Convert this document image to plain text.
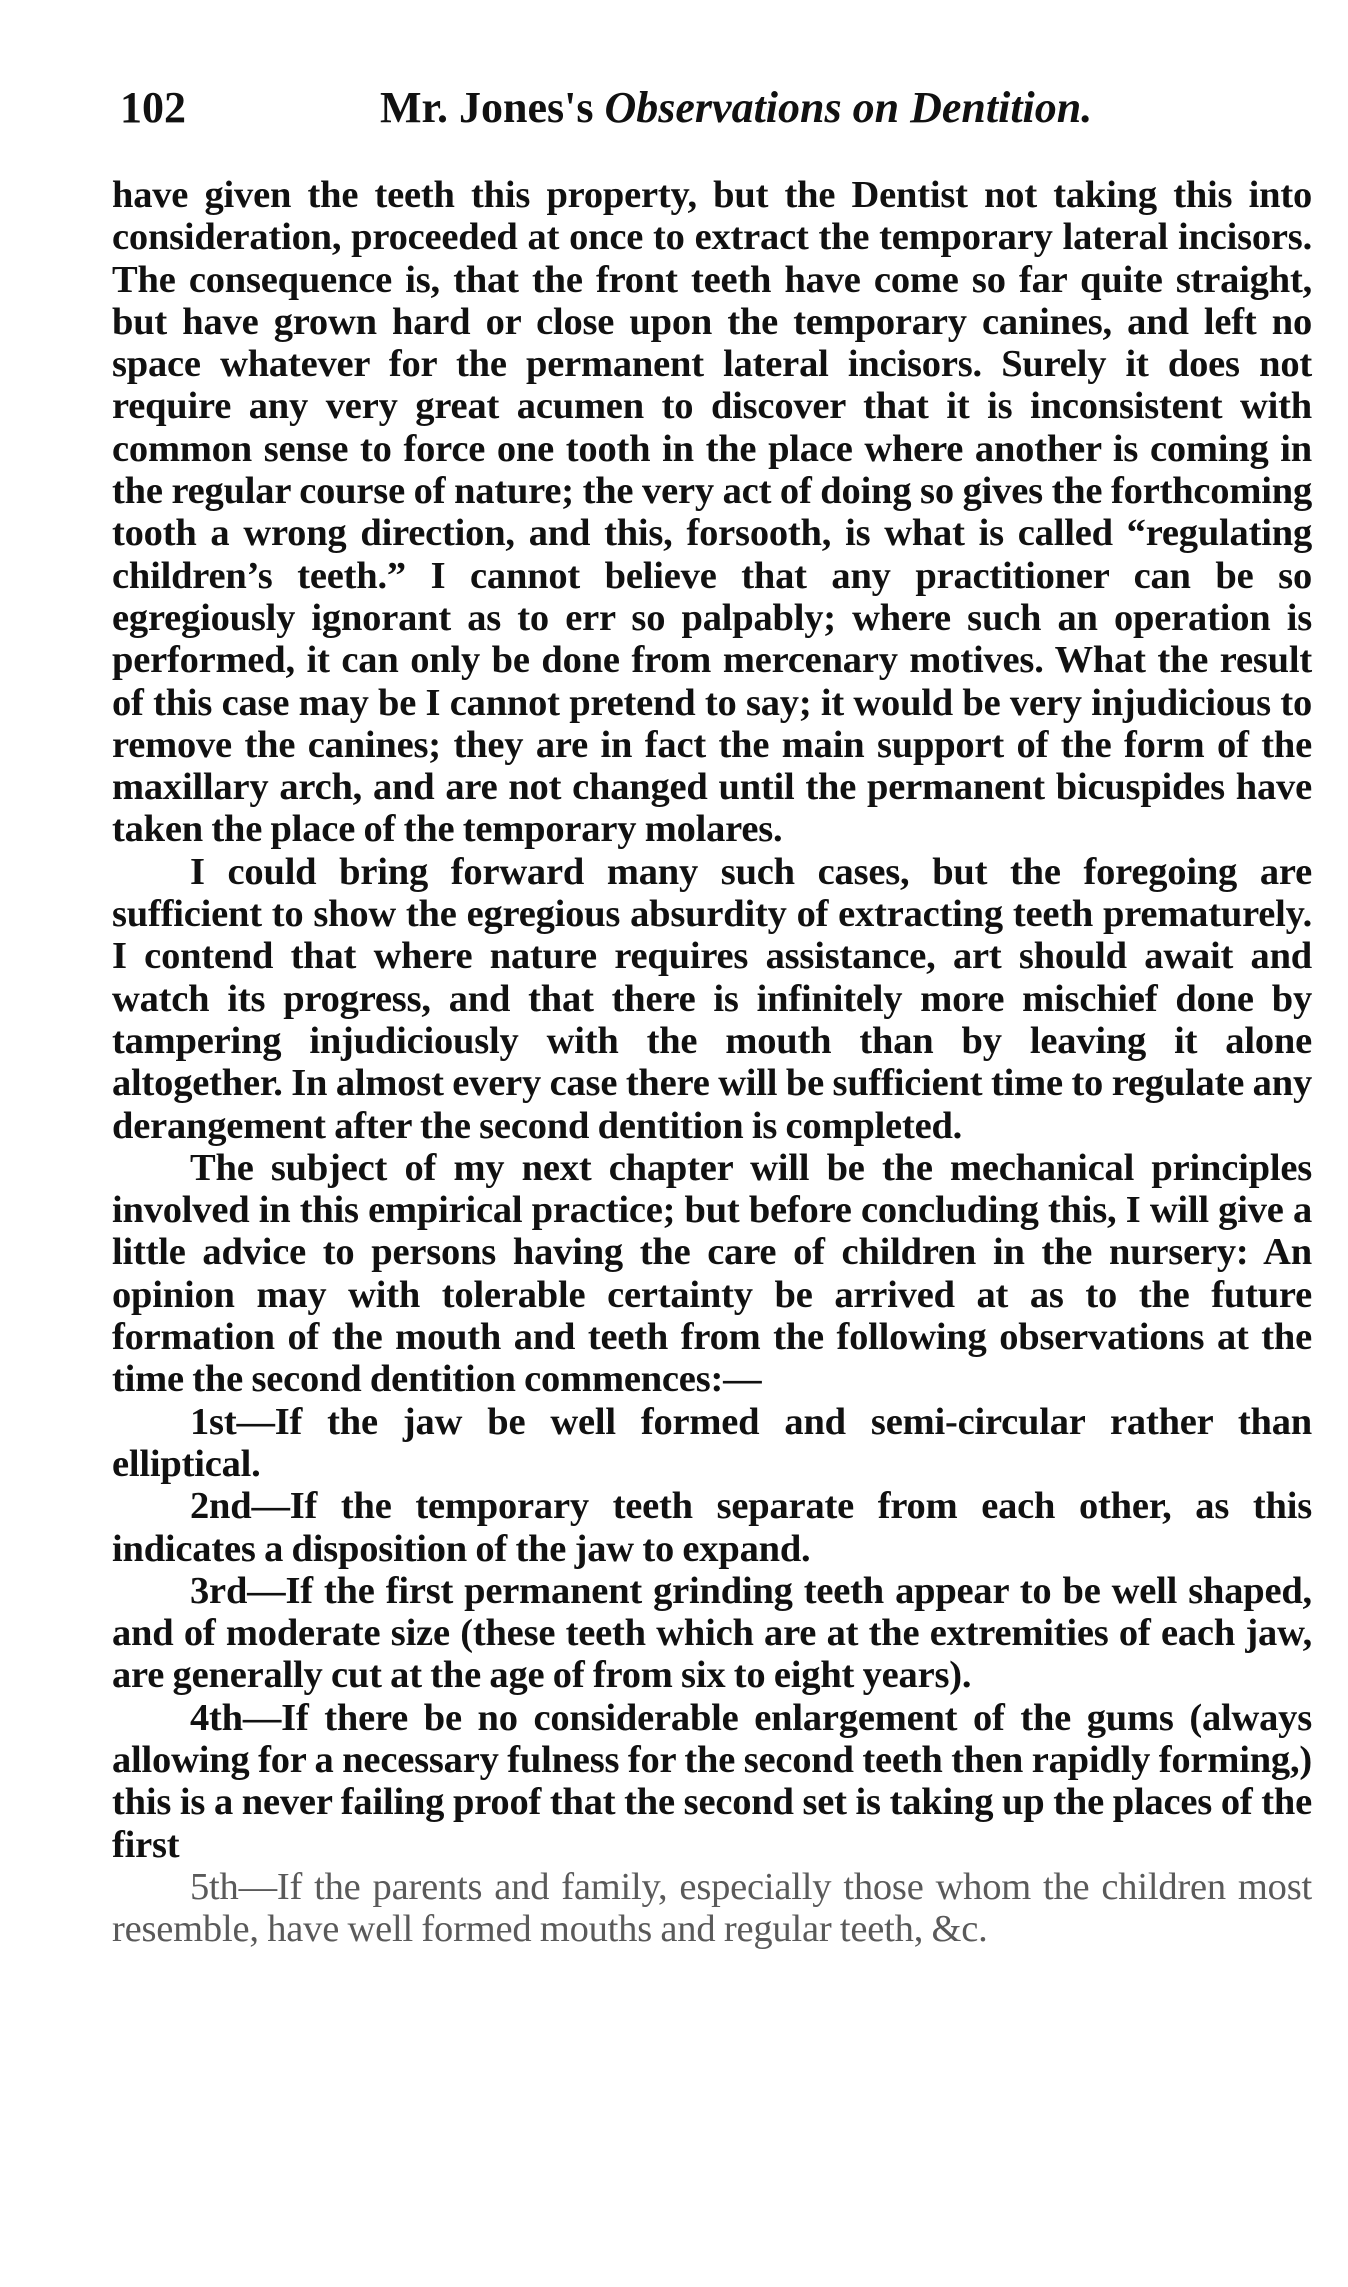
102	Mr. Jones's Observations on Dentition.

have given the teeth this property, but the Dentist not taking this into consideration, proceeded at once to extract the temporary lateral incisors. The consequence is, that the front teeth have come so far quite straight, but have grown hard or close upon the temporary canines, and left no space whatever for the permanent lateral incisors. Surely it does not require any very great acumen to discover that it is inconsistent with common sense to force one tooth in the place where another is coming in the regular course of nature; the very act of doing so gives the forthcoming tooth a wrong direction, and this, forsooth, is what is called “regulating children’s teeth.” I cannot believe that any practitioner can be so egregiously ignorant as to err so palpably; where such an operation is performed, it can only be done from mercenary motives. What the result of this case may be I cannot pretend to say; it would be very injudicious to remove the canines; they are in fact the main support of the form of the maxillary arch, and are not changed until the permanent bicuspides have taken the place of the temporary molares.

I could bring forward many such cases, but the foregoing are sufficient to show the egregious absurdity of extracting teeth prematurely. I contend that where nature requires assistance, art should await and watch its progress, and that there is infinitely more mischief done by tampering injudiciously with the mouth than by leaving it alone altogether. In almost every case there will be sufficient time to regulate any derangement after the second dentition is completed.

The subject of my next chapter will be the mechanical principles involved in this empirical practice; but before concluding this, I will give a little advice to persons having the care of children in the nursery: An opinion may with tolerable certainty be arrived at as to the future formation of the mouth and teeth from the following observations at the time the second dentition commences:—

1st—If the jaw be well formed and semi-circular rather than elliptical.

2nd—If the temporary teeth separate from each other, as this indicates a disposition of the jaw to expand.

3rd—If the first permanent grinding teeth appear to be well shaped, and of moderate size (these teeth which are at the extremities of each jaw, are generally cut at the age of from six to eight years).

4th—If there be no considerable enlargement of the gums (always allowing for a necessary fulness for the second teeth then rapidly forming,) this is a never failing proof that the second set is taking up the places of the first

5th—If the parents and family, especially those whom the children most resemble, have well formed mouths and regular teeth, &c.
